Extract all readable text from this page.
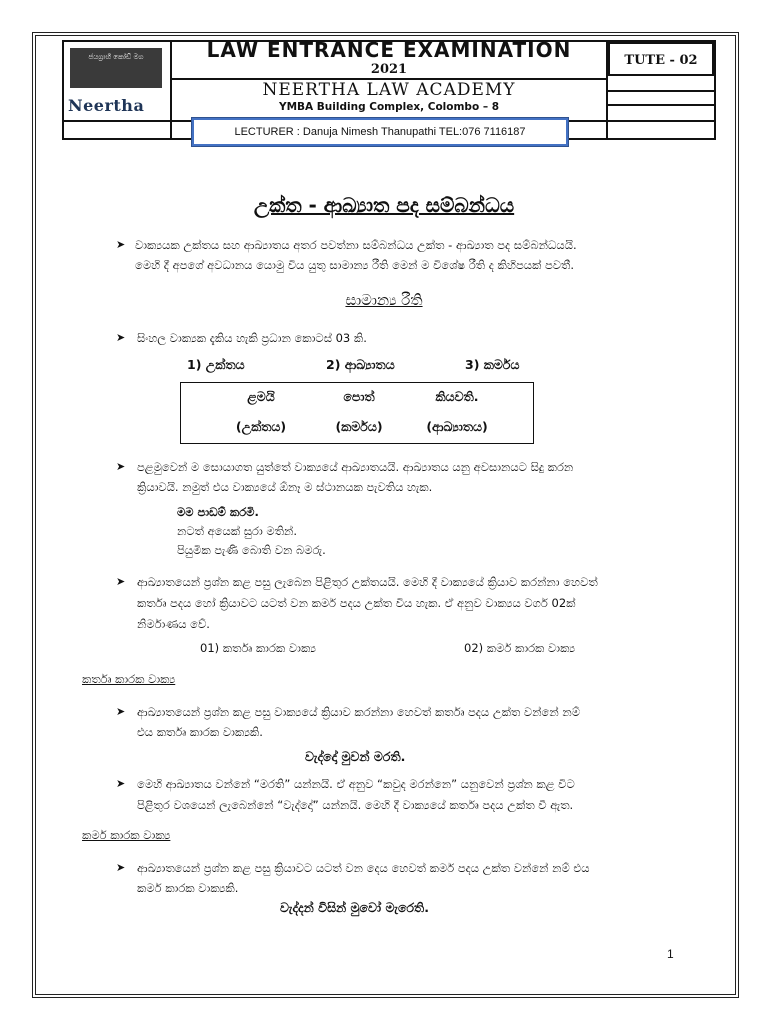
ජයග්‍රාහී කෝඩ් මග
Neertha
LAW ENTRANCE EXAMINATION
2021
NEERTHA LAW ACADEMY
YMBA Building Complex, Colombo – 8
TUTE - 02
LECTURER : Danuja Nimesh Thanupathi TEL:076 7116187
උක්ත - ආඛ්‍යාත පද සම්බන්ධය
➤ වාක්‍යයක උක්තය සහ ආඛ්‍යාතය අතර පවත්නා සම්බන්ධය උක්ත - ආඛ්‍යාත පද සම්බන්ධයයි.
මෙහි දී අපගේ අවධානය යොමු විය යුතු සාමාන්‍ය රීති මෙන් ම විශේෂ රීති ද කිහිපයක් පවතී.
සාමාන්‍ය රීති
➤ සිංහල වාක්‍යක දැකිය හැකි ප්‍රධාන කොටස් 03 කි.
1) උක්තය	2) ආඛ්‍යාතය	3) කර්මය
ළමයි	පොත්	කියවති.
(උක්තය)	(කර්මය)	(ආඛ්‍යාතය)
➤ පළමුවෙන් ම සොයාගත යුත්තේ වාක්‍යයේ ආඛ්‍යාතයයි. ආඛ්‍යාතය යනු අවසානයට සිදු කරන
ක්‍රියාවයි. නමුත් එය වාක්‍යයේ ඕනෑ ම ස්ථානයක පැවතිය හැක.
මම පාඩම් කරමි.
නටත් අයෙක් සුරා මතින්.
පියුමික පැණි බොති වන බමරු.
➤ ආඛ්‍යාතයෙන් ප්‍රශ්න කළ පසු ලැබෙන පිළිතුර උක්තයයි. මෙහි දී වාක්‍යයේ ක්‍රියාව කරන්නා හෙවත්
කර්තෘ පදය හෝ ක්‍රියාවට යටත් වන කර්ම පදය උක්ත විය හැක. ඒ අනුව වාක්‍යය වර්ග 02ක්
නිර්මාණය වේ.
01) කර්තෘ කාරක වාක්‍ය	02) කර්ම කාරක වාක්‍ය
කර්තෘ කාරක වාක්‍ය
➤ ආඛ්‍යාතයෙන් ප්‍රශ්න කළ පසු වාක්‍යයේ ක්‍රියාව කරන්නා හෙවත් කර්තෘ පදය උක්ත වන්නේ නම්
එය කර්තෘ කාරක වාක්‍යකි.
වැද්දෝ මුවන් මරති.
➤ මෙහි ආඛ්‍යාතය වන්නේ “මරති” යන්නයි. ඒ අනුව “කවුද මරන්නෙ” යනුවෙන් ප්‍රශ්න කළ විට
පිළිතුර වශයෙන් ලැබෙන්නේ “වැද්දෝ” යන්නයි. මෙහි දී වාක්‍යයේ කර්තෘ පදය උක්ත වී ඇත.
කර්ම කාරක වාක්‍ය
➤ ආඛ්‍යාතයෙන් ප්‍රශ්න කළ පසු ක්‍රියාවට යටත් වන දෙය හෙවත් කර්ම පදය උක්ත වන්නේ නම් එය
කර්ම කාරක වාක්‍යකි.
වැද්දන් විසින් මුවෝ මැරෙති.
1
